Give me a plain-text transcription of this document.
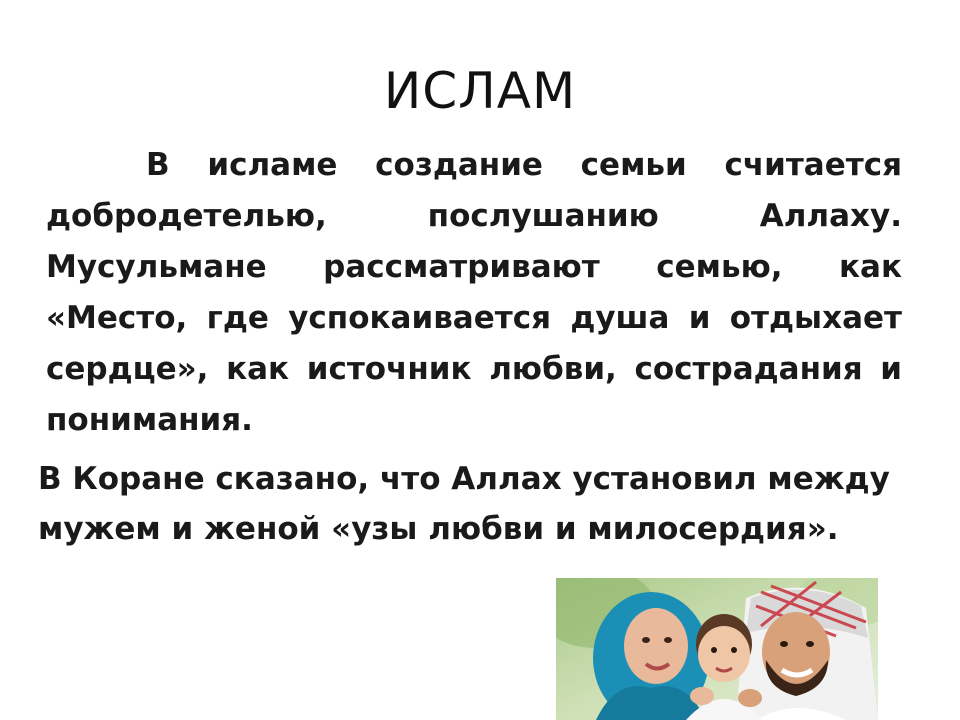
ИСЛАМ

В исламе создание семьи считается добродетелью, послушанию Аллаху. Мусульмане рассматривают семью, как «Место, где успокаивается душа и отдыхает сердце», как источник любви, сострадания и понимания.

В Коране сказано, что Аллах установил между мужем и женой «узы любви и милосердия».
